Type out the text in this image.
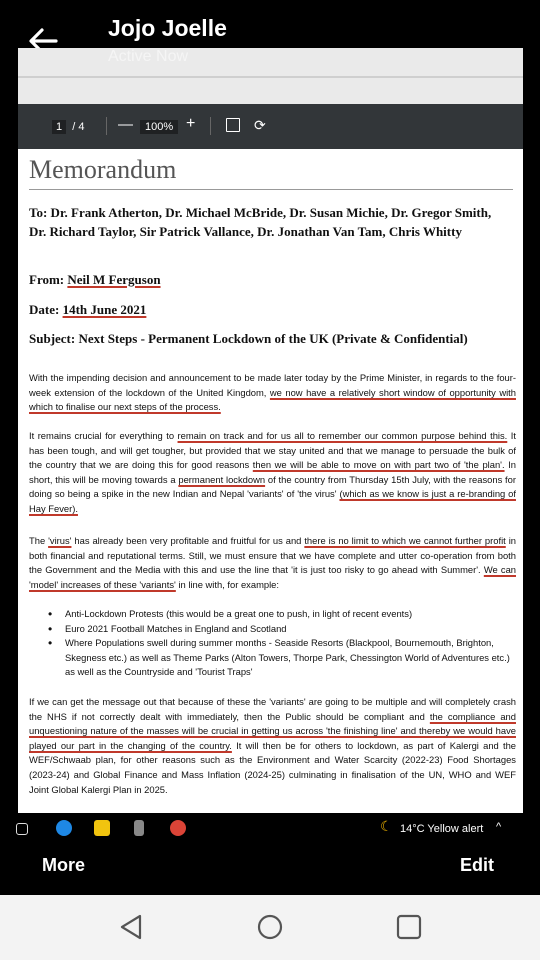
Jojo Joelle
1 / 4 —	100% +	⟳
Memorandum
To: Dr. Frank Atherton, Dr. Michael McBride, Dr. Susan Michie, Dr. Gregor Smith, Dr. Richard Taylor, Sir Patrick Vallance, Dr. Jonathan Van Tam, Chris Whitty
From: Neil M Ferguson
Date: 14th June 2021
Subject: Next Steps - Permanent Lockdown of the UK (Private & Confidential)
With the impending decision and announcement to be made later today by the Prime Minister, in regards to the four-week extension of the lockdown of the United Kingdom, we now have a relatively short window of opportunity with which to finalise our next steps of the process.
It remains crucial for everything to remain on track and for us all to remember our common purpose behind this. It has been tough, and will get tougher, but provided that we stay united and that we manage to persuade the bulk of the country that we are doing this for good reasons then we will be able to move on with part two of 'the plan'. In short, this will be moving towards a permanent lockdown of the country from Thursday 15th July, with the reasons for doing so being a spike in the new Indian and Nepal 'variants' of 'the virus' (which as we know is just a re-branding of Hay Fever).
The 'virus' has already been very profitable and fruitful for us and there is no limit to which we cannot further profit in both financial and reputational terms. Still, we must ensure that we have complete and utter co-operation from both the Government and the Media with this and use the line that 'it is just too risky to go ahead with Summer'. We can 'model' increases of these 'variants' in line with, for example:
• Anti-Lockdown Protests (this would be a great one to push, in light of recent events)
• Euro 2021 Football Matches in England and Scotland
• Where Populations swell during summer months - Seaside Resorts (Blackpool, Bournemouth, Brighton, Skegness etc.) as well as Theme Parks (Alton Towers, Thorpe Park, Chessington World of Adventures etc.) as well as the Countryside and 'Tourist Traps'
If we can get the message out that because of these the 'variants' are going to be multiple and will completely crash the NHS if not correctly dealt with immediately, then the Public should be compliant and the compliance and unquestioning nature of the masses will be crucial in getting us across 'the finishing line' and thereby we would have played our part in the changing of the country. It will then be for others to lockdown, as part of Kalergi and the WEF/Schwaab plan, for other reasons such as the Environment and Water Scarcity (2022-23) Food Shortages (2023-24) and Global Finance and Mass Inflation (2024-25) culminating in finalisation of the UN, WHO and WEF Joint Global Kalergi Plan in 2025.
Active Now
☾ 14°C Yellow alert ^
More	Edit
